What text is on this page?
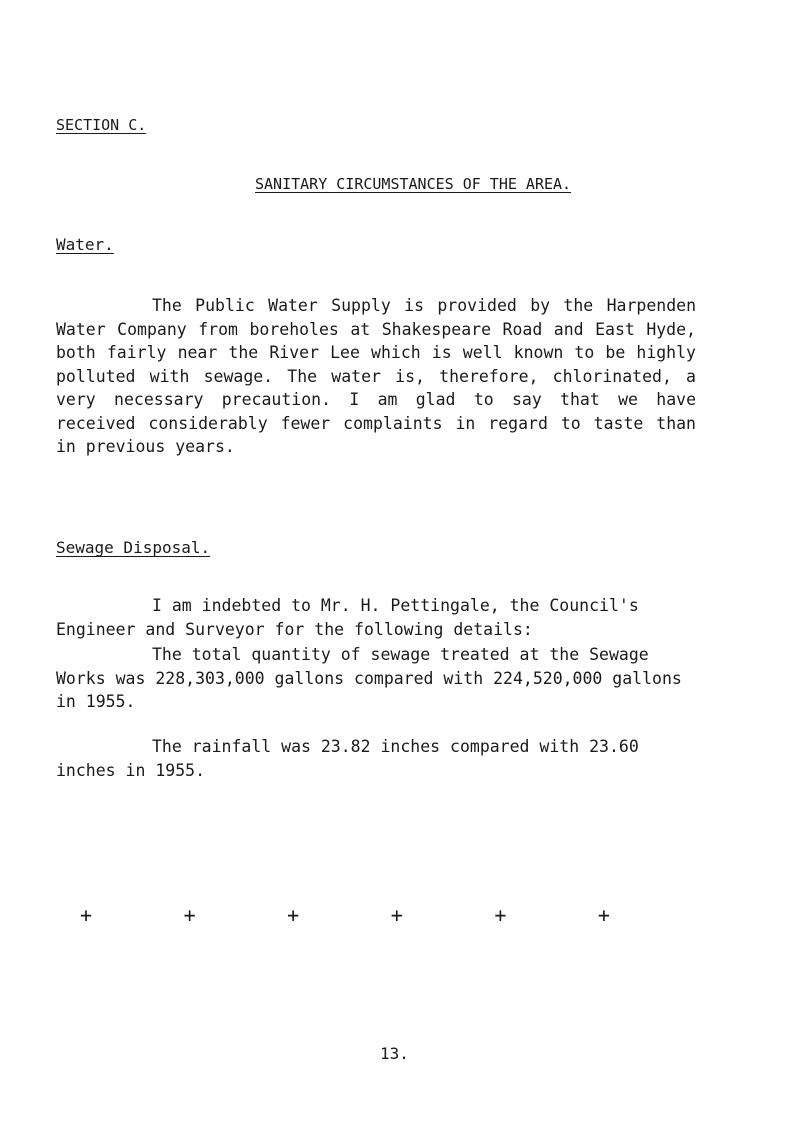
SECTION C.
SANITARY CIRCUMSTANCES OF THE AREA.
Water.

The Public Water Supply is provided by the Harpenden Water Company from boreholes at Shakespeare Road and East Hyde, both fairly near the River Lee which is well known to be highly polluted with sewage. The water is, therefore, chlorinated, a very necessary precaution. I am glad to say that we have received considerably fewer complaints in regard to taste than in previous years.

Sewage Disposal.

I am indebted to Mr. H. Pettingale, the Council's Engineer and Surveyor for the following details:

The total quantity of sewage treated at the Sewage Works was 228,303,000 gallons compared with 224,520,000 gallons in 1955.

The rainfall was 23.82 inches compared with 23.60 inches in 1955.

+	+	+	+	+	+
13.
